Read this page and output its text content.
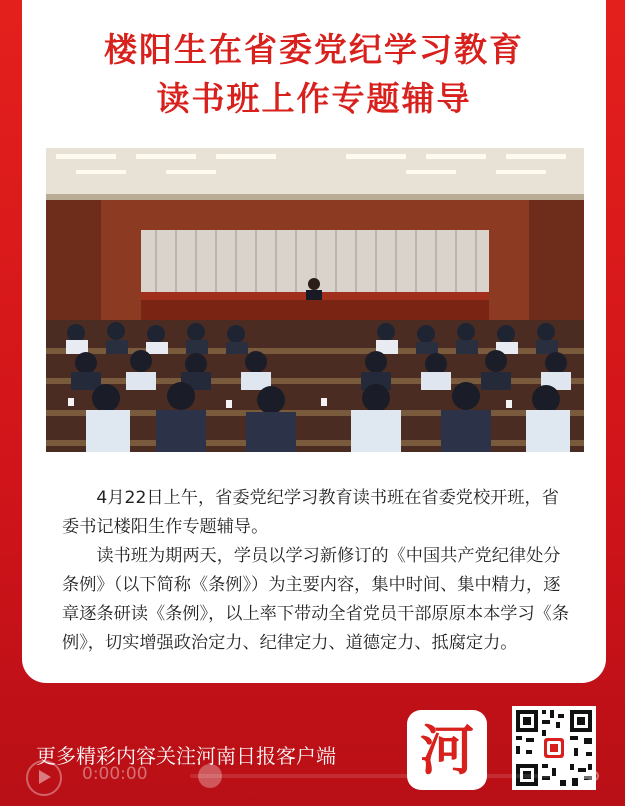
楼阳生在省委党纪学习教育
读书班上作专题辅导

4月22日上午，省委党纪学习教育读书班在省委党校开班，省委书记楼阳生作专题辅导。

读书班为期两天，学员以学习新修订的《中国共产党纪律处分条例》（以下简称《条例》）为主要内容，集中时间、集中精力，逐章逐条研读《条例》，以上率下带动全省党员干部原原本本学习《条例》，切实增强政治定力、纪律定力、道德定力、抵腐定力。

更多精彩内容关注河南日报客户端 河
0:00:00
